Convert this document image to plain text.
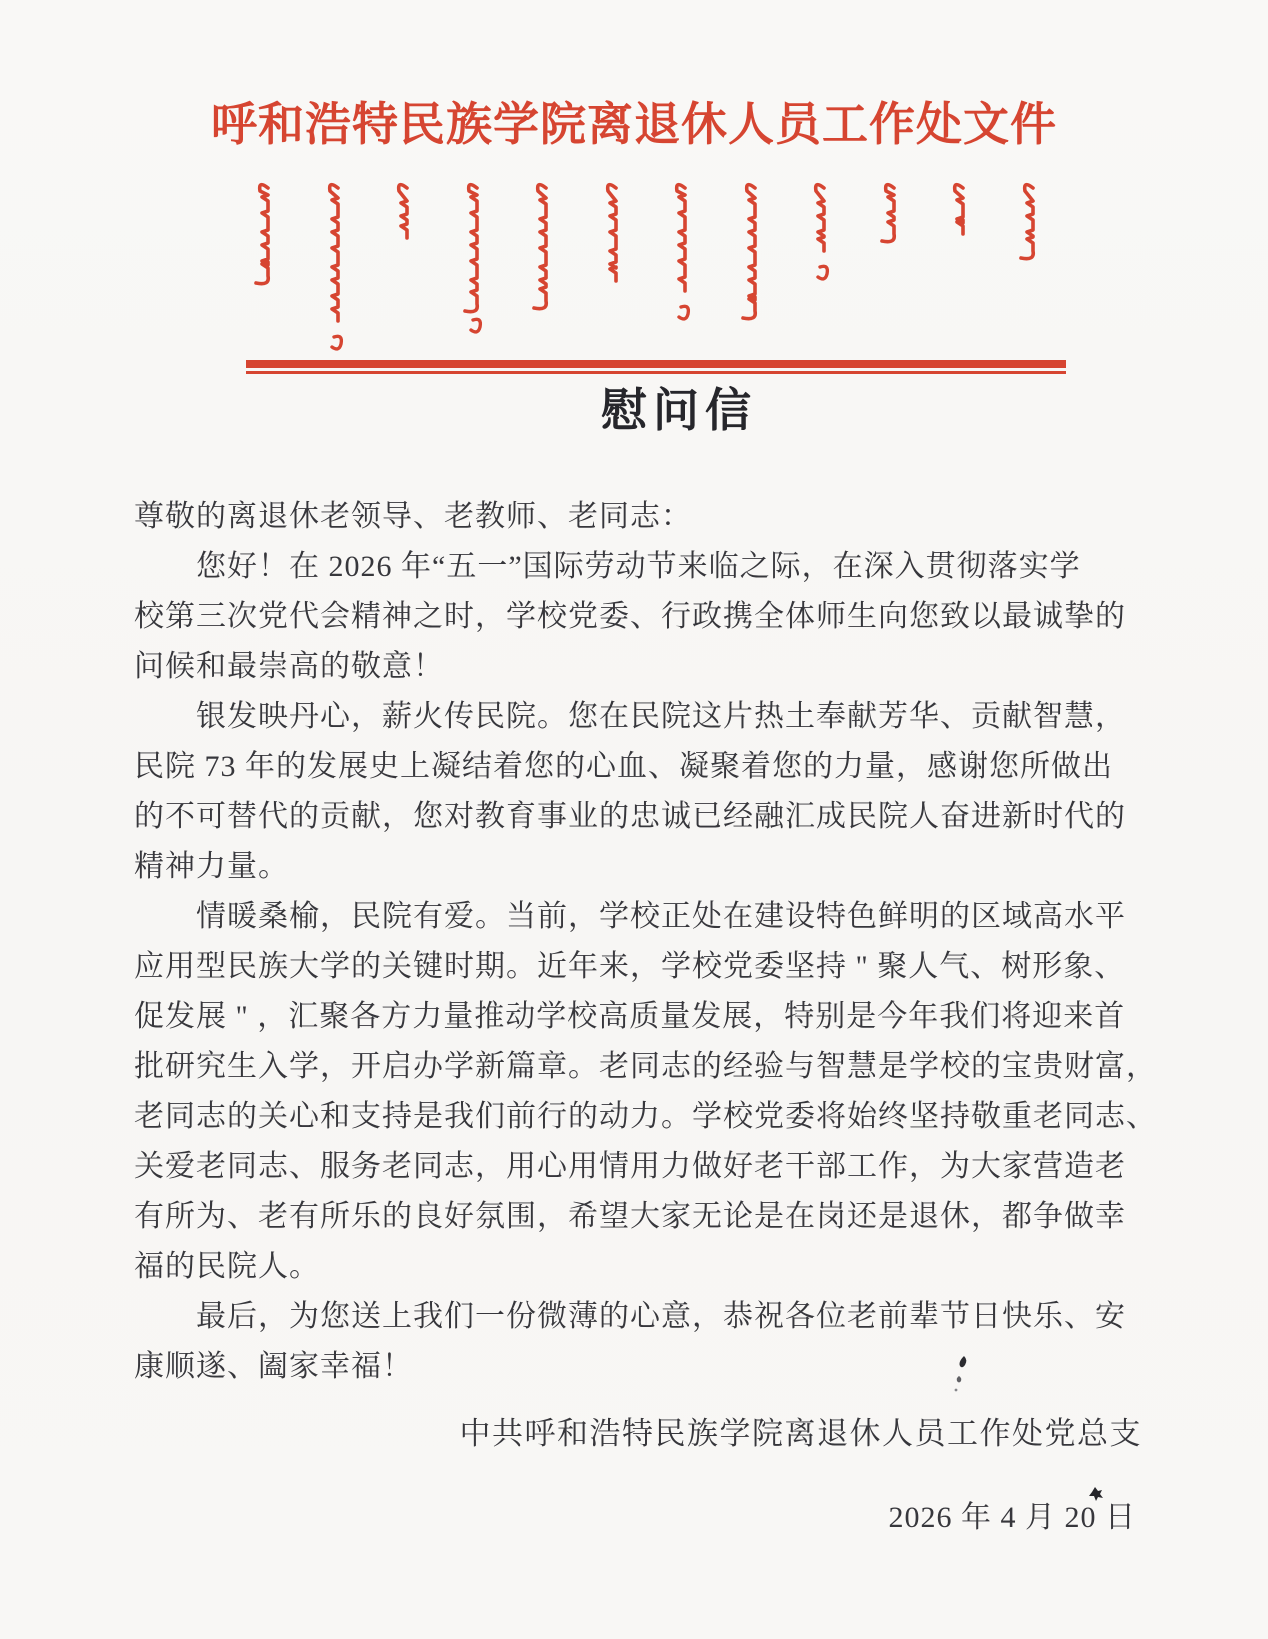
呼和浩特民族学院离退休人员工作处文件
慰问信
尊敬的离退休老领导、老教师、老同志：
您好！在 2026 年“五一”国际劳动节来临之际，在深入贯彻落实学
校第三次党代会精神之时，学校党委、行政携全体师生向您致以最诚挚的
问候和最崇高的敬意！
银发映丹心，薪火传民院。您在民院这片热土奉献芳华、贡献智慧，
民院 73 年的发展史上凝结着您的心血、凝聚着您的力量，感谢您所做出
的不可替代的贡献，您对教育事业的忠诚已经融汇成民院人奋进新时代的
精神力量。
情暖桑榆，民院有爱。当前，学校正处在建设特色鲜明的区域高水平
应用型民族大学的关键时期。近年来，学校党委坚持 " 聚人气、树形象、
促发展 " ，汇聚各方力量推动学校高质量发展，特别是今年我们将迎来首
批研究生入学，开启办学新篇章。老同志的经验与智慧是学校的宝贵财富，
老同志的关心和支持是我们前行的动力。学校党委将始终坚持敬重老同志、
关爱老同志、服务老同志，用心用情用力做好老干部工作，为大家营造老
有所为、老有所乐的良好氛围，希望大家无论是在岗还是退休，都争做幸
福的民院人。
最后，为您送上我们一份微薄的心意，恭祝各位老前辈节日快乐、安
康顺遂、阖家幸福！
中共呼和浩特民族学院离退休人员工作处党总支
2026 年 4 月 20 日
